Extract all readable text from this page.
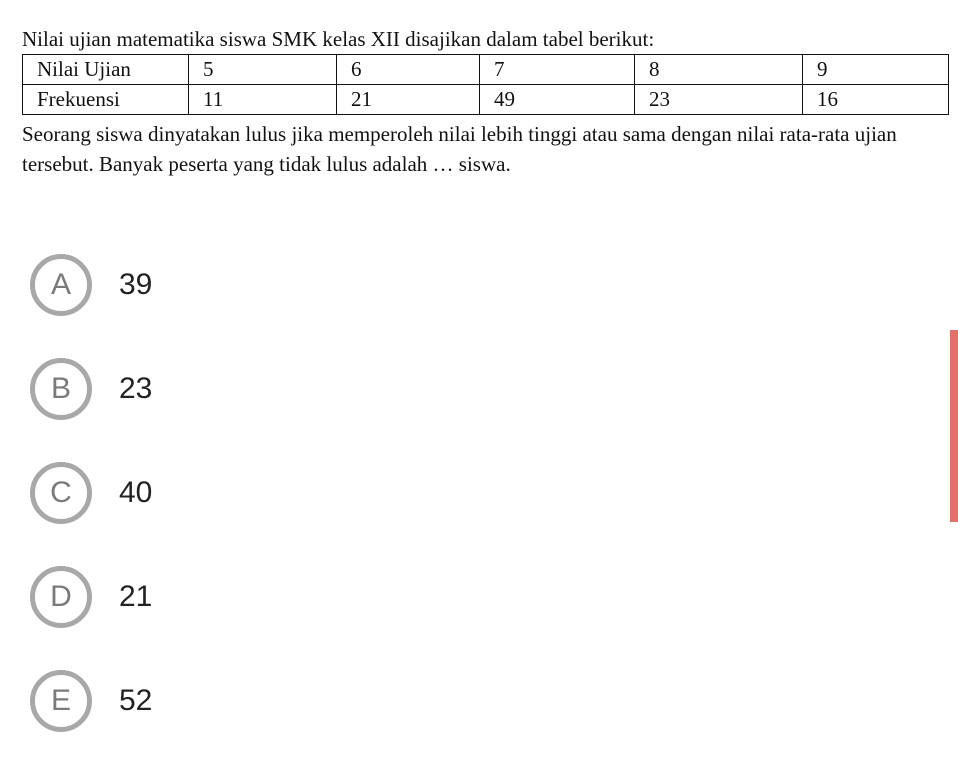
Nilai ujian matematika siswa SMK kelas XII disajikan dalam tabel berikut:

Nilai Ujian	5	6	7	8	9
Frekuensi	11	21	49	23	16

Seorang siswa dinyatakan lulus jika memperoleh nilai lebih tinggi atau sama dengan nilai rata-rata ujian tersebut. Banyak peserta yang tidak lulus adalah … siswa.

A	39
B	23
C	40
D	21
E	52
